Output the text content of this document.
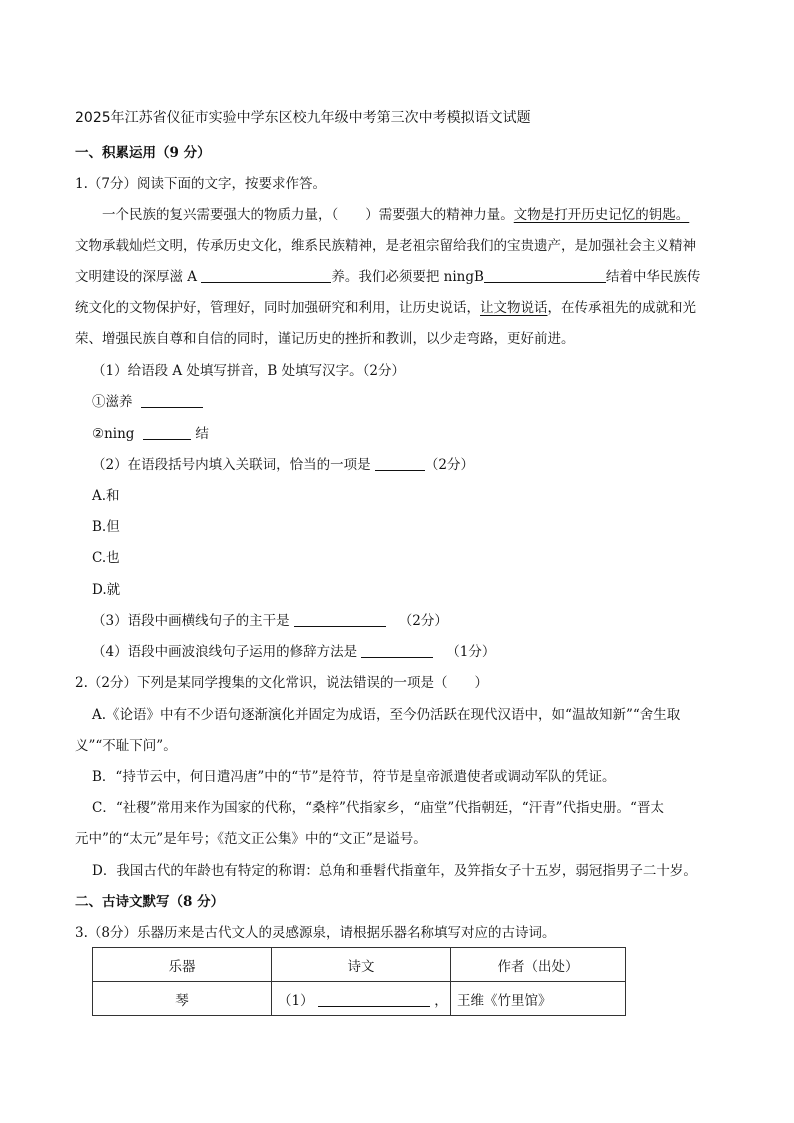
2025年江苏省仪征市实验中学东区校九年级中考第三次中考模拟语文试题
一、积累运用（9 分）
1.（7分）阅读下面的文字，按要求作答。
一个民族的复兴需要强大的物质力量，（　　）需要强大的精神力量。文物是打开历史记忆的钥匙。
文物承载灿烂文明，传承历史文化，维系民族精神，是老祖宗留给我们的宝贵遗产，是加强社会主义精神
文明建设的深厚滋 A	养。我们必须要把 ningB	结着中华民族传
统文化的文物保护好，管理好，同时加强研究和利用，让历史说话，让文物说话，在传承祖先的成就和光
荣、增强民族自尊和自信的同时，谨记历史的挫折和教训，以少走弯路，更好前进。
（1）给语段 A 处填写拼音，B 处填写汉字。（2分）
①滋养
②ning	结
（2）在语段括号内填入关联词，恰当的一项是	（2分）
A.和
B.但
C.也
D.就
（3）语段中画横线句子的主干是	（2分）
（4）语段中画波浪线句子运用的修辞方法是	（1分）
2.（2分）下列是某同学搜集的文化常识，说法错误的一项是（　　）
A.《论语》中有不少语句逐渐演化并固定为成语，至今仍活跃在现代汉语中，如“温故知新”“舍生取
义”“不耻下问”。
B．“持节云中，何日遣冯唐”中的“节”是符节，符节是皇帝派遣使者或调动军队的凭证。
C．“社稷”常用来作为国家的代称，“桑梓”代指家乡，“庙堂”代指朝廷，“汗青”代指史册。“晋太
元中”的“太元”是年号；《范文正公集》中的“文正”是谥号。
D．我国古代的年龄也有特定的称谓：总角和垂髫代指童年，及笄指女子十五岁，弱冠指男子二十岁。
二、古诗文默写（8 分）
3.（8分）乐器历来是古代文人的灵感源泉，请根据乐器名称填写对应的古诗词。
乐器	诗文	作者（出处）
琴	（1） ，	王维《竹里馆》
